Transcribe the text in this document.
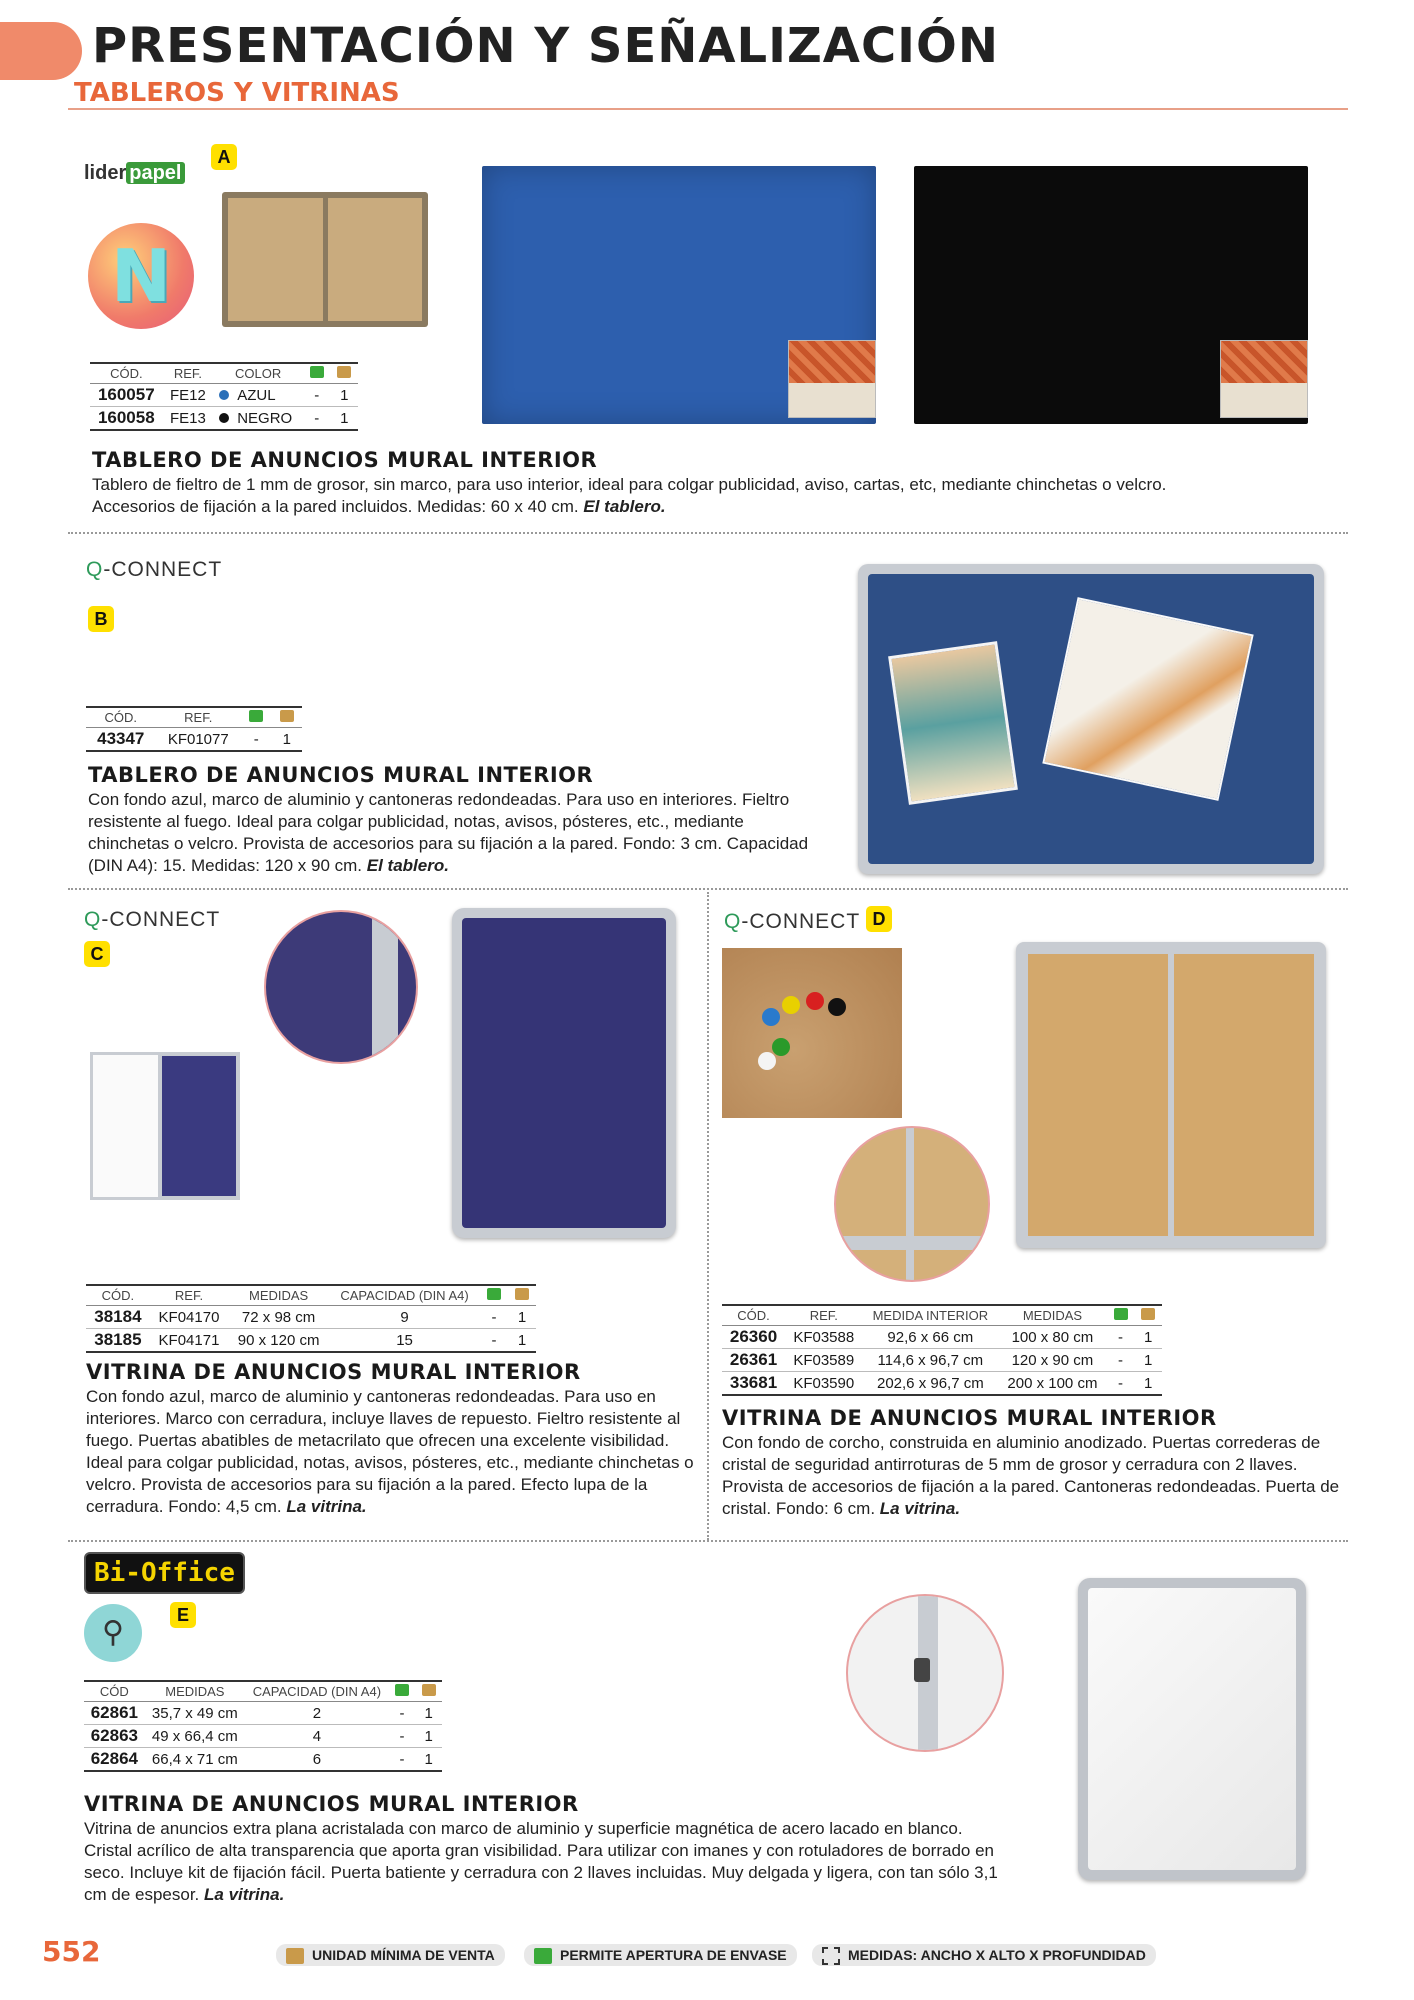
PRESENTACIÓN Y SEÑALIZACIÓN
TABLEROS Y VITRINAS
lider papel
A
N
CÓD.	REF.	COLOR		
160057	FE12	AZUL	-	1
160058	FE13	NEGRO	-	1
TABLERO DE ANUNCIOS MURAL INTERIOR
Tablero de fieltro de 1 mm de grosor, sin marco, para uso interior, ideal para colgar publicidad, aviso, cartas, etc, mediante chinchetas o velcro. Accesorios de fijación a la pared incluidos. Medidas: 60 x 40 cm. El tablero.
Q-CONNECT
B
CÓD.	REF.		
43347	KF01077	-	1
TABLERO DE ANUNCIOS MURAL INTERIOR
Con fondo azul, marco de aluminio y cantoneras redondeadas. Para uso en interiores. Fieltro resistente al fuego. Ideal para colgar publicidad, notas, avisos, pósteres, etc., mediante chinchetas o velcro. Provista de accesorios para su fijación a la pared. Fondo: 3 cm. Capacidad (DIN A4): 15. Medidas: 120 x 90 cm. El tablero.
Q-CONNECT
C
CÓD.	REF.	MEDIDAS	CAPACIDAD (DIN A4)		
38184	KF04170	72 x 98 cm	9	-	1
38185	KF04171	90 x 120 cm	15	-	1
VITRINA DE ANUNCIOS MURAL INTERIOR
Con fondo azul, marco de aluminio y cantoneras redondeadas. Para uso en interiores. Marco con cerradura, incluye llaves de repuesto. Fieltro resistente al fuego. Puertas abatibles de metacrilato que ofrecen una excelente visibilidad. Ideal para colgar publicidad, notas, avisos, pósteres, etc., mediante chinchetas o velcro. Provista de accesorios para su fijación a la pared. Efecto lupa de la cerradura. Fondo: 4,5 cm. La vitrina.
Q-CONNECT D
CÓD.	REF.	MEDIDA INTERIOR	MEDIDAS		
26360	KF03588	92,6 x 66 cm	100 x 80 cm	-	1
26361	KF03589	114,6 x 96,7 cm	120 x 90 cm	-	1
33681	KF03590	202,6 x 96,7 cm	200 x 100 cm	-	1
VITRINA DE ANUNCIOS MURAL INTERIOR
Con fondo de corcho, construida en aluminio anodizado. Puertas correderas de cristal de seguridad antirroturas de 5 mm de grosor y cerradura con 2 llaves. Provista de accesorios de fijación a la pared. Cantoneras redondeadas. Puerta de cristal. Fondo: 6 cm. La vitrina.
Bi-Office
⚲
E
CÓD	MEDIDAS	CAPACIDAD (DIN A4)		
62861	35,7 x 49 cm	2	-	1
62863	49 x 66,4 cm	4	-	1
62864	66,4 x 71 cm	6	-	1
VITRINA DE ANUNCIOS MURAL INTERIOR
Vitrina de anuncios extra plana acristalada con marco de aluminio y superficie magnética de acero lacado en blanco. Cristal acrílico de alta transparencia que aporta gran visibilidad. Para utilizar con imanes y con rotuladores de borrado en seco. Incluye kit de fijación fácil. Puerta batiente y cerradura con 2 llaves incluidas. Muy delgada y ligera, con tan sólo 3,1 cm de espesor. La vitrina.
552	UNIDAD MÍNIMA DE VENTA	PERMITE APERTURA DE ENVASE	MEDIDAS: ANCHO X ALTO X PROFUNDIDAD
